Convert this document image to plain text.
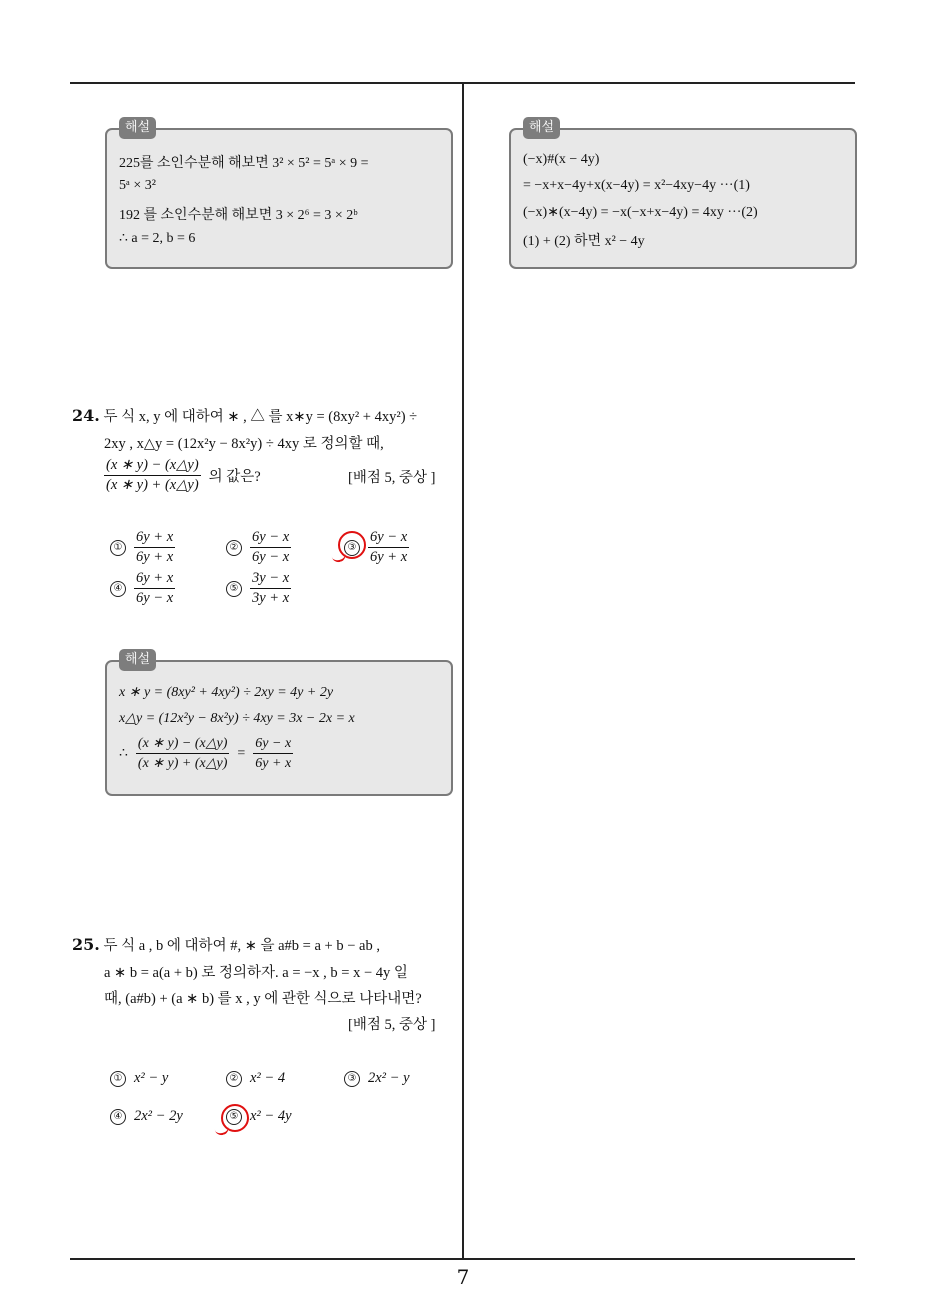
해설
225를 소인수분해 해보면 3² × 5² = 5ᵃ × 9 =
5ᵃ × 3²
192 를 소인수분해 해보면 3 × 2⁶ = 3 × 2ᵇ
∴ a = 2, b = 6
해설
(−x)#(x − 4y)
= −x+x−4y+x(x−4y) = x²−4xy−4y ···(1)
(−x)∗(x−4y) = −x(−x+x−4y) = 4xy ···(2)
(1) + (2) 하면 x² − 4y
24. 두 식 x, y 에 대하여 ∗ , △ 를 x∗y = (8xy² + 4xy²) ÷
2xy , x△y = (12x²y − 8x²y) ÷ 4xy 로 정의할 때,
$\frac{(x ∗ y) - (x\triangle y)}{(x ∗ y) + (x\triangle y)}$ 의 값은?	[배점 5, 중상 ]
① $\frac{6y + x}{6y + x}$	② $\frac{6y - x}{6y - x}$	③ $\frac{6y - x}{6y + x}$
④ $\frac{6y + x}{6y - x}$	⑤ $\frac{3y - x}{3y + x}$
해설
x ∗ y = (8xy² + 4xy²) ÷ 2xy = 4y + 2y
x△y = (12x²y − 8x²y) ÷ 4xy = 3x − 2x = x
∴ $\frac{(x ∗ y) - (x\triangle y)}{(x ∗ y) + (x\triangle y)} = \frac{6y - x}{6y + x}$
25. 두 식 a , b 에 대하여 #, ∗ 을 a#b = a + b − ab ,
a ∗ b = a(a + b) 로 정의하자. a = −x , b = x − 4y 일
때, (a#b) + (a ∗ b) 를 x , y 에 관한 식으로 나타내면?
[배점 5, 중상 ]
① x² − y	② x² − 4	③ 2x² − y
④ 2x² − 2y	⑤ x² − 4y
7
